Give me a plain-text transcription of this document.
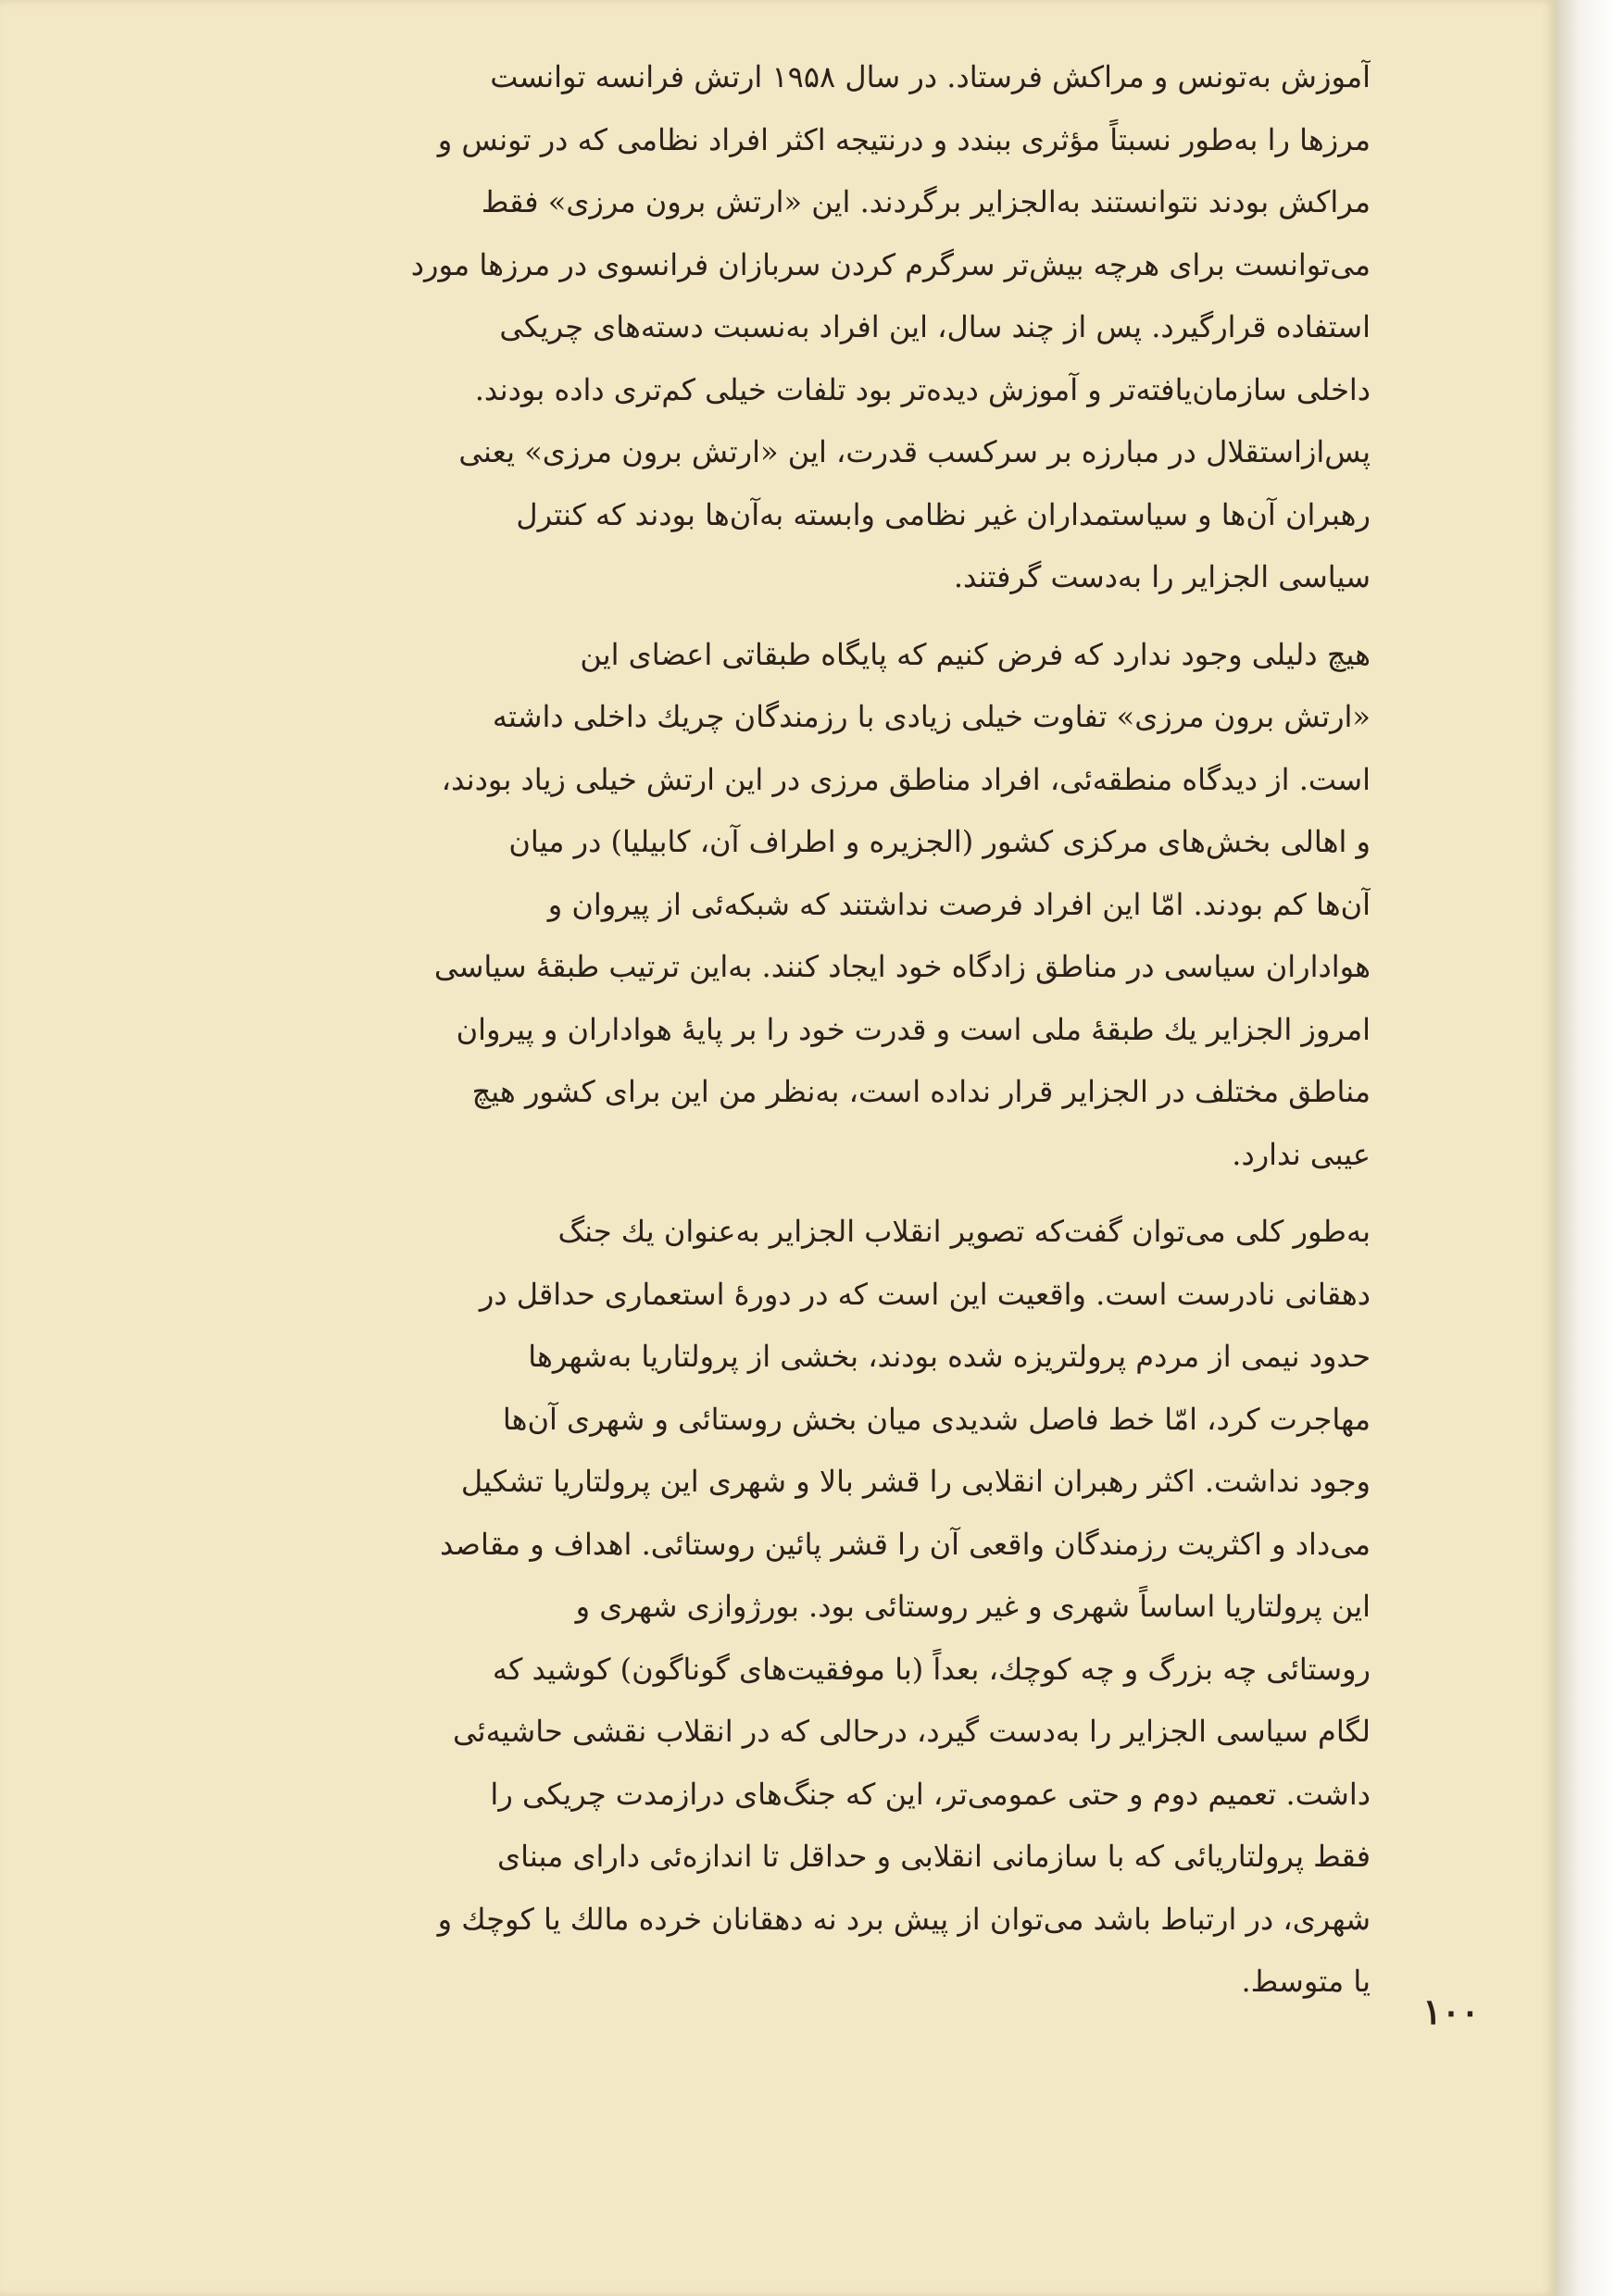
آموزش به‌تونس و مراکش فرستاد. در سال ۱۹۵۸ ارتش فرانسه توانست
مرزها را به‌طور نسبتاً مؤثری ببندد و درنتیجه اکثر افراد نظامی که در تونس و
مراکش بودند نتوانستند به‌الجزایر برگردند. این «ارتش برون مرزی» فقط
می‌توانست برای هرچه بیش‌تر سرگرم کردن سربازان فرانسوی در مرزها مورد
استفاده قرارگیرد. پس از چند سال، این افراد به‌نسبت دسته‌های چریکی
داخلی سازمان‌یافته‌تر و آموزش دیده‌تر بود تلفات خیلی کم‌تری داده بودند.
پس‌ازاستقلال در مبارزه بر سرکسب قدرت، این «ارتش برون مرزی» یعنی
رهبران آن‌ها و سیاستمداران غیر نظامی وابسته به‌آن‌ها بودند که کنترل
سیاسی الجزایر را به‌دست گرفتند.
هیچ دلیلی وجود ندارد که فرض کنیم که پایگاه طبقاتی اعضای این
«ارتش برون مرزی» تفاوت خیلی زیادی با رزمندگان چریك داخلی داشته
است. از دیدگاه منطقه‌ئی، افراد مناطق مرزی در این ارتش خیلی زیاد بودند،
و اهالی بخش‌های مرکزی کشور (الجزیره و اطراف آن، کابیلیا) در میان
آن‌ها کم بودند. امّا این افراد فرصت نداشتند که شبکه‌ئی از پیروان و
هواداران سیاسی در مناطق زادگاه خود ایجاد کنند. به‌این ترتیب طبقهٔ سیاسی
امروز الجزایر یك طبقهٔ ملی است و قدرت خود را بر پایهٔ هواداران و پیروان
مناطق مختلف در الجزایر قرار نداده است، به‌نظر من این برای کشور هیچ
عیبی ندارد.
به‌طور کلی می‌توان گفت‌که تصویر انقلاب الجزایر به‌عنوان یك جنگ
دهقانی نادرست است. واقعیت این است که در دورهٔ استعماری حداقل در
حدود نیمی از مردم پرولتریزه شده بودند، بخشی از پرولتاریا به‌شهرها
مهاجرت کرد، امّا خط فاصل شدیدی میان بخش روستائی و شهری آن‌ها
وجود نداشت. اکثر رهبران انقلابی را قشر بالا و شهری این پرولتاریا تشکیل
می‌داد و اکثریت رزمندگان واقعی آن را قشر پائین روستائی. اهداف و مقاصد
این پرولتاریا اساساً شهری و غیر روستائی بود. بورژوازی شهری و
روستائی چه بزرگ و چه کوچك، بعداً (با موفقیت‌های گوناگون) کوشید که
لگام سیاسی الجزایر را به‌دست گیرد، درحالی که در انقلاب نقشی حاشیه‌ئی
داشت. تعمیم دوم و حتی عمومی‌تر، این که جنگ‌های درازمدت چریکی را
فقط پرولتاریائی که با سازمانی انقلابی و حداقل تا اندازه‌ئی دارای مبنای
شهری، در ارتباط باشد می‌توان از پیش برد نه دهقانان خرده مالك یا کوچك و
یا متوسط.
۱۰۰
